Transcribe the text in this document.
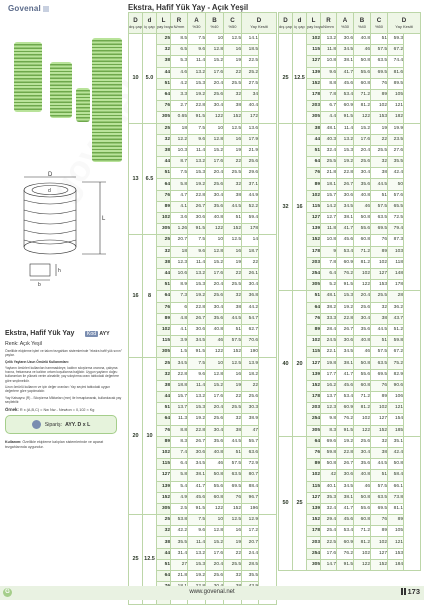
Govenal	Ekstra, Hafif Yük Yay - Açık Yeşil
D
L
d
b
h
Ekstra, Hafif Yük Yay Kod AYY
Renk: Açık Yeşil
Özellikle ekipleme işleri ve takım tezgahları sistemlerinde "ekstra hafif yük sınırı" yaylar.
Çelik Yayların Uzun Ömürlü Kullanımları:
Yayların ömürleri kullanılan hammaddeye, kalıbın sıkıştırma oranına, çalışma hızına, frekansına ve kalıbın ortam koşullarına bağlıdır. Uygun yayların doğru kullanımları ile yüksek verim alınabilir; yay sıkıştırma oranı tablodaki değerlere göre seçilmelidir.
Uzun ömürlü kullanım ve için değer oranları: Yay seçimi tablodaki uygun değerlere göre yapılmalıdır.
Yay Katsayısı (R) - Sıkıştırma Miktarları (mm) ile hesaplanarak, kullanılacak yay seçilebilir.
Örnek: R x (A,B,C) = Nw Nw - Newton = 0,102 ≈ Kg
Sipariş: AYY. D x L
Kullanım: Özellikle ekipleme kalıpları sistemlerinde ve aparat tezgahlarında uygundur.
D
dış çap	d
iç çap	L
yay boyu	R
N/mm	A
%30	B
%40	C
%50	D
Yay Kesiti	

10	5.0	25	8.5	7.5	10	12.5	14.1	
		32	6.5	9.6	12.8	16	18.5	
		38	5.3	11.4	15.2	19	22.5	
		44	4.6	13.2	17.6	22	25.2	
		51	4.2	15.3	20.4	25.5	27.5	
		64	3.3	19.2	25.6	32	34	
		76	2.7	22.8	30.4	38	40.4	
		305	0.65	91.5	122	152	172	

13	6.5	25	18	7.5	10	12.5	13.6	
		32	12.2	9.6	12.8	16	17.9	
		38	10.3	11.4	15.2	19	21.9	
		44	8.7	13.2	17.6	22	25.6	
		51	7.5	15.3	20.4	25.5	29.6	
		64	5.8	19.2	25.6	32	37.1	
		76	4.7	22.8	30.4	38	44.9	
		89	4.1	26.7	35.6	44.5	52.2	
		102	3.6	30.6	40.8	51	59.4	
		305	1.26	91.5	122	152	178	

16	8	25	20.7	7.5	10	12.5	14	
		32	18	9.6	12.8	16	18.7	
		38	12.3	11.4	15.2	19	22	
		44	10.6	13.2	17.6	22	26.1	
		51	8.9	15.3	20.4	25.5	30.4	
		64	7.3	19.2	25.6	32	36.8	
		76	6	22.8	30.4	38	44.2	
		89	4.8	26.7	35.6	44.5	54.7	
		102	4.1	30.6	40.8	51	62.7	
		115	3.9	34.5	46	57.5	70.6	
		305	1.5	91.5	122	152	190	

20	10	25	34.5	7.5	10	12.5	13.9	
		32	22.8	9.6	12.8	16	18.2	
		38	18.8	11.4	15.2	19	22	
		44	15.7	13.2	17.6	22	25.6	
		51	13.7	15.3	20.4	25.5	30.3	
		64	11.3	19.2	25.6	32	38.9	
		76	8.8	22.8	30.4	38	47	
		89	8.3	26.7	35.6	44.5	55.7	
		102	7.4	30.6	40.8	51	63.6	
		115	6.4	34.5	46	57.5	72.9	
		127	5.8	38.1	50.8	63.5	80.7	
		139	5.4	41.7	55.6	69.5	88.4	
		152	4.9	45.6	60.8	76	96.7	
		305	2.5	91.5	122	152	196	

25	12.5	25	53.8	7.5	10	12.5	12.9	
		32	42.2	9.6	12.8	16	17.2	
		38	35.5	11.4	15.2	19	20.7	
		44	31.4	13.2	17.6	22	24.4	
		51	27	15.3	20.4	25.5	28.5	
		64	21.8	19.2	25.6	32	35.5	

D
dış çap	d
iç çap	L
yay boyu	R
N/mm	A
%30	B
%40	C
%50	D
Yay Kesiti	

25	12.5	102	13.2	30.6	40.8	51	59.3	
		115	11.8	34.5	46	57.5	67.2	
		127	10.8	38.1	50.8	63.5	74.4	
		139	9.6	41.7	55.6	69.5	81.6	
		152	8.8	45.6	60.8	76	89.5	
		178	7.8	53.4	71.2	89	105	
		203	6.7	60.9	81.2	102	121	
		305	4.4	91.5	122	153	182	

32	16	38	48.1	11.4	15.2	19	19.9	
		44	40.3	13.2	17.6	22	23.5	
		51	32.4	15.3	20.4	25.5	27.6	
		64	25.5	19.2	25.6	32	35.5	
		76	21.8	22.8	30.4	38	42.4	
		89	18.1	26.7	35.6	44.5	50	
		102	15.7	30.6	40.8	51	57.6	
		115	14.2	34.5	46	57.5	65.5	
		127	12.7	38.1	50.8	63.5	72.5	
		139	11.8	41.7	55.6	69.5	79.4	
		152	10.8	45.6	60.8	76	87.3	
		178	9	53.4	71.2	89	103	
		203	7.8	60.9	81.2	102	118	
		254	6.4	76.2	102	127	148	
		305	5.2	91.5	122	153	178	

40	20	51	48.1	15.3	20.4	25.5	28	
		64	38.2	19.2	25.6	32	36.2	
		76	33.3	22.8	30.4	38	43.7	
		89	28.4	26.7	35.6	44.5	51.2	
		102	24.5	30.6	40.8	51	59.8	
		115	22.1	34.5	46	57.5	67.2	
		127	19.8	38.1	50.8	63.5	75.2	
		139	17.7	41.7	55.6	69.5	82.9	
		152	16.2	45.6	60.8	76	90.6	
		178	13.7	53.4	71.2	89	106	
		203	12.3	60.9	81.2	102	121	
		254	9.8	76.2	102	127	154	
		305	8.3	91.5	122	152	185	

50	25	64	69.6	19.2	25.6	32	35.1	
		76	59.8	22.8	30.4	38	42.4	
		89	50.8	26.7	35.6	44.5	50.8	
		102	42	30.6	40.8	51	58.4	
		115	40.1	34.5	46	57.5	66.1	
		127	35.3	38.1	50.8	63.5	73.8	
		139	32.4	41.7	55.6	69.5	81.1	
		152	29.4	45.6	60.8	76	89	
		178	25.4	53.4	71.2	89	105	
		203	22.5	60.9	81.2	102	121	
		254	17.6	76.2	102	127	153	
		305	14.7	91.5	122	152	184	
G	www.govenal.net	173
